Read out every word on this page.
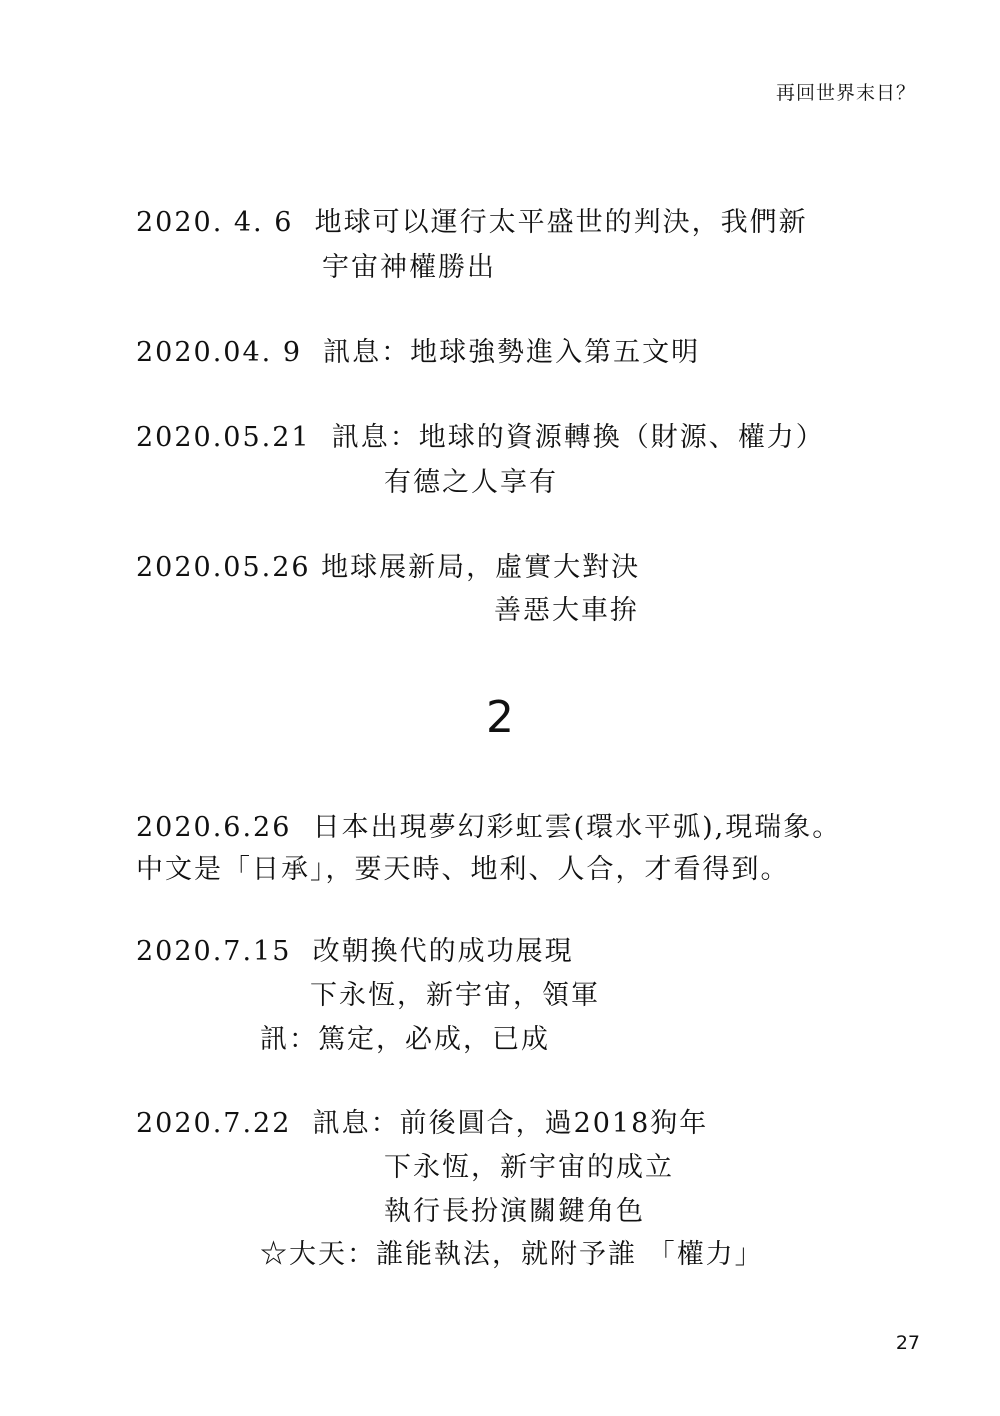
再回世界末日？
2020. 4. 6  地球可以運行太平盛世的判決，我們新
宇宙神權勝出
2020.04. 9  訊息：地球強勢進入第五文明
2020.05.21  訊息：地球的資源轉換（財源、權力）
有德之人享有
2020.05.26 地球展新局，虛實大對決
善惡大車拚
2
2020.6.26  日本出現夢幻彩虹雲(環水平弧),現瑞象。
中文是「日承」，要天時、地利、人合，才看得到。
2020.7.15  改朝換代的成功展現
下永恆，新宇宙，領軍
訊：篤定，必成，已成
2020.7.22  訊息：前後圓合，過2018狗年
下永恆，新宇宙的成立
執行長扮演關鍵角色
☆大天：誰能執法，就附予誰 「權力」
27
